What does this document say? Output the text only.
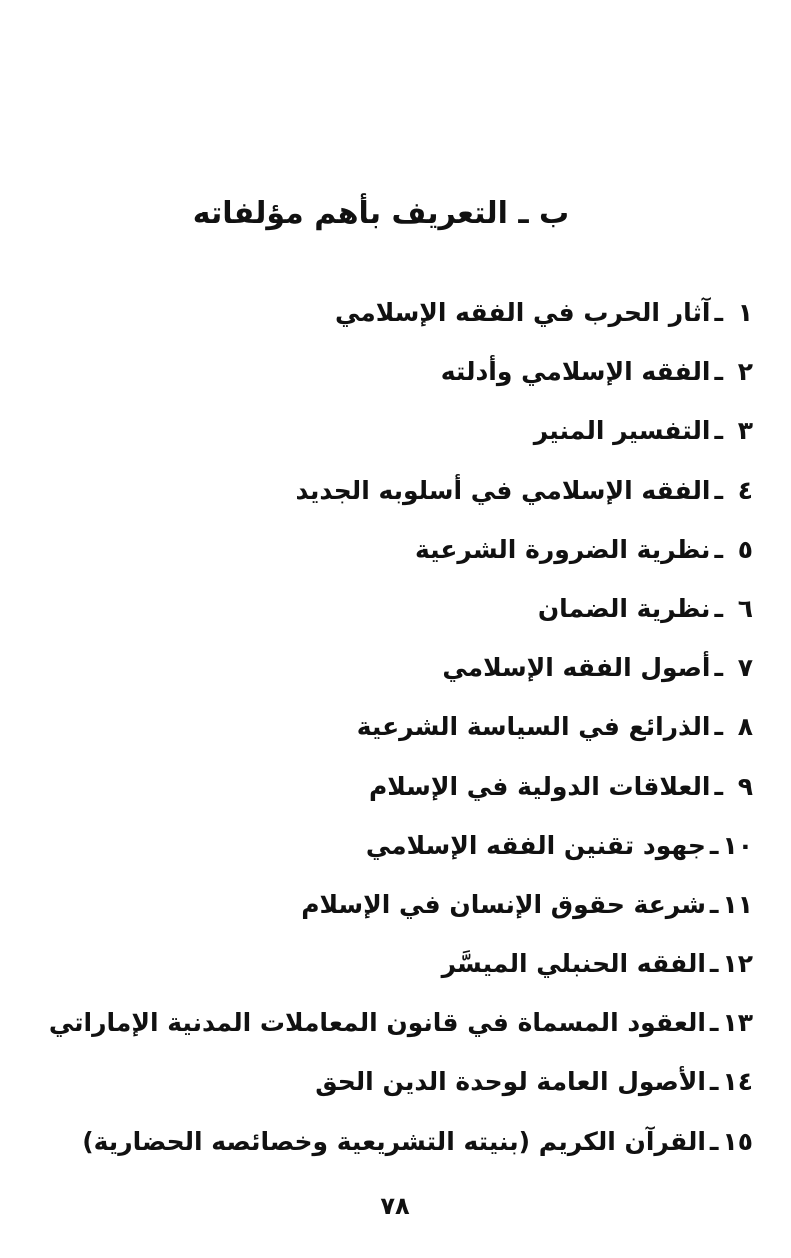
ب ـ التعريف بأهم مؤلفاته
١ـآثار الحرب في الفقه الإسلامي
٢ـالفقه الإسلامي وأدلته
٣ـالتفسير المنير
٤ـالفقه الإسلامي في أسلوبه الجديد
٥ـنظرية الضرورة الشرعية
٦ـنظرية الضمان
٧ـأصول الفقه الإسلامي
٨ـالذرائع في السياسة الشرعية
٩ـالعلاقات الدولية في الإسلام
١٠ـجهود تقنين الفقه الإسلامي
١١ـشرعة حقوق الإنسان في الإسلام
١٢ـالفقه الحنبلي الميسَّر
١٣ـالعقود المسماة في قانون المعاملات المدنية الإماراتي
١٤ـالأصول العامة لوحدة الدين الحق
١٥ـالقرآن الكريم (بنيته التشريعية وخصائصه الحضارية)
٧٨
